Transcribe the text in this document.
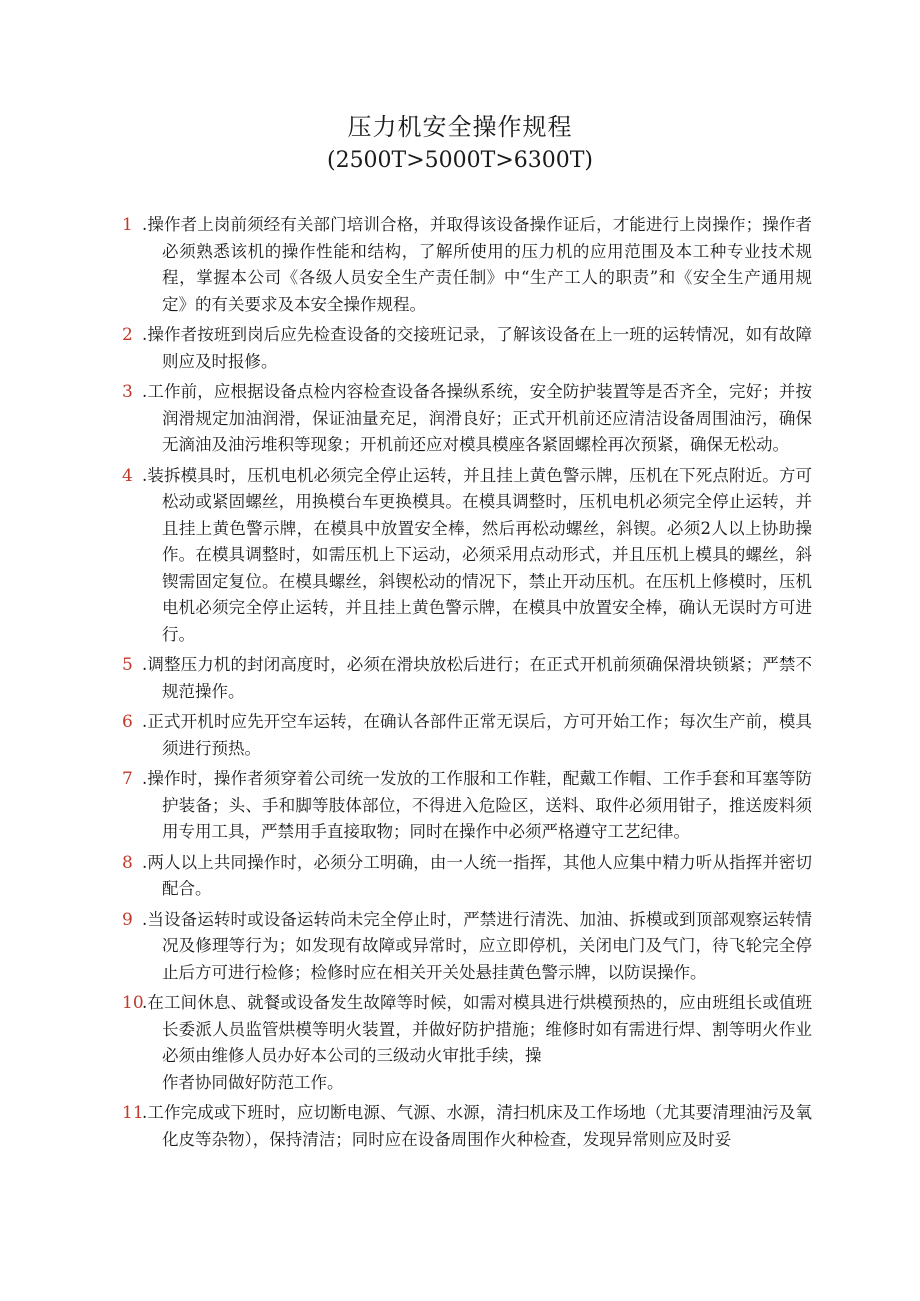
压力机安全操作规程
(2500T>5000T>6300T)
1 .操作者上岗前须经有关部门培训合格，并取得该设备操作证后，才能进行上岗操作；操作者必须熟悉该机的操作性能和结构，了解所使用的压力机的应用范围及本工种专业技术规程，掌握本公司《各级人员安全生产责任制》中“生产工人的职责”和《安全生产通用规定》的有关要求及本安全操作规程。
2 .操作者按班到岗后应先检查设备的交接班记录，了解该设备在上一班的运转情况，如有故障则应及时报修。
3 .工作前，应根据设备点检内容检查设备各操纵系统，安全防护装置等是否齐全，完好；并按润滑规定加油润滑，保证油量充足，润滑良好；正式开机前还应清洁设备周围油污，确保无滴油及油污堆积等现象；开机前还应对模具模座各紧固螺栓再次预紧，确保无松动。
4 .装拆模具时，压机电机必须完全停止运转，并且挂上黄色警示牌，压机在下死点附近。方可松动或紧固螺丝，用换模台车更换模具。在模具调整时，压机电机必须完全停止运转，并且挂上黄色警示牌，在模具中放置安全棒，然后再松动螺丝，斜锲。必须2人以上协助操作。在模具调整时，如需压机上下运动，必须采用点动形式，并且压机上模具的螺丝，斜锲需固定复位。在模具螺丝，斜锲松动的情况下，禁止开动压机。在压机上修模时，压机电机必须完全停止运转，并且挂上黄色警示牌，在模具中放置安全棒，确认无误时方可进行。
5 .调整压力机的封闭高度时，必须在滑块放松后进行；在正式开机前须确保滑块锁紧；严禁不规范操作。
6 .正式开机时应先开空车运转，在确认各部件正常无误后，方可开始工作；每次生产前，模具须进行预热。
7 .操作时，操作者须穿着公司统一发放的工作服和工作鞋，配戴工作帽、工作手套和耳塞等防护装备；头、手和脚等肢体部位，不得进入危险区，送料、取件必须用钳子，推送废料须用专用工具，严禁用手直接取物；同时在操作中必须严格遵守工艺纪律。
8 .两人以上共同操作时，必须分工明确，由一人统一指挥，其他人应集中精力听从指挥并密切配合。
9 .当设备运转时或设备运转尚未完全停止时，严禁进行清洗、加油、拆模或到顶部观察运转情况及修理等行为；如发现有故障或异常时，应立即停机，关闭电门及气门，待飞轮完全停止后方可进行检修；检修时应在相关开关处悬挂黄色警示牌，以防误操作。
10
.在工间休息、就餐或设备发生故障等时候，如需对模具进行烘模预热的，应由班组长或值班长委派人员监管烘模等明火装置，并做好防护措施；维修时如有需进行焊、割等明火作业必须由维修人员办好本公司的三级动火审批手续，操
作者协同做好防范工作。
11
.工作完成或下班时，应切断电源、气源、水源，清扫机床及工作场地（尤其要清理油污及氧化皮等杂物），保持清洁；同时应在设备周围作火种检查，发现异常则应及时妥
